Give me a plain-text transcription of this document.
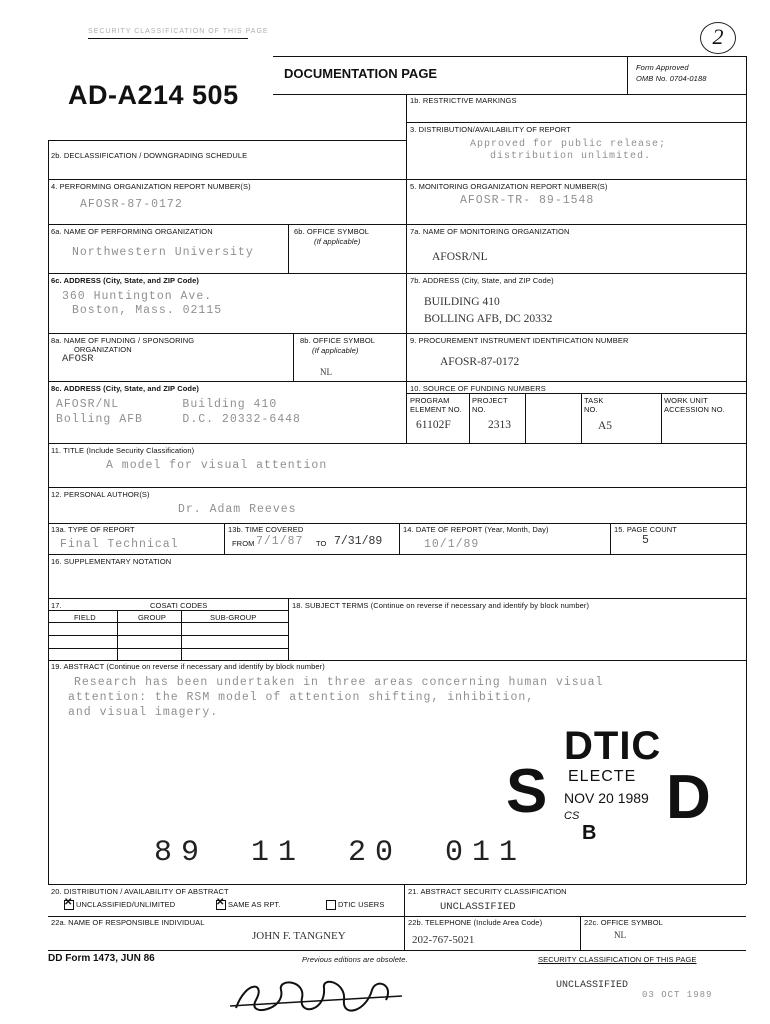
SECURITY CLASSIFICATION OF THIS PAGE	2
AD-A214 505
DOCUMENTATION PAGE	Form Approved
OMB No. 0704-0188
1b. RESTRICTIVE MARKINGS
3. DISTRIBUTION/AVAILABILITY OF REPORT
Approved for public release;
distribution unlimited.
2b. DECLASSIFICATION / DOWNGRADING SCHEDULE
4. PERFORMING ORGANIZATION REPORT NUMBER(S)
AFOSR-87-0172
5. MONITORING ORGANIZATION REPORT NUMBER(S)
AFOSR-TR- 89-1548
6a. NAME OF PERFORMING ORGANIZATION
Northwestern University
6b. OFFICE SYMBOL
(If applicable)
7a. NAME OF MONITORING ORGANIZATION
AFOSR/NL
6c. ADDRESS (City, State, and ZIP Code)
360 Huntington Ave.
Boston, Mass. 02115
7b. ADDRESS (City, State, and ZIP Code)
BUILDING 410
BOLLING AFB, DC 20332
8a. NAME OF FUNDING / SPONSORING
ORGANIZATION
AFOSR
8b. OFFICE SYMBOL
(If applicable)
NL
9. PROCUREMENT INSTRUMENT IDENTIFICATION NUMBER
AFOSR-87-0172
8c. ADDRESS (City, State, and ZIP Code)
AFOSR/NL        Building 410
Bolling AFB     D.C. 20332-6448
10. SOURCE OF FUNDING NUMBERS
PROGRAM
ELEMENT NO.
61102F
PROJECT
NO.
2313
TASK
NO.
A5
WORK UNIT
ACCESSION NO.
11. TITLE (Include Security Classification)
A model for visual attention
12. PERSONAL AUTHOR(S)
Dr. Adam Reeves
13a. TYPE OF REPORT
Final Technical
13b. TIME COVERED
FROM 7/1/87 TO 7/31/89
14. DATE OF REPORT (Year, Month, Day)
10/1/89
15. PAGE COUNT
5
16. SUPPLEMENTARY NOTATION
17.	COSATI CODES
FIELD	GROUP	SUB-GROUP
18. SUBJECT TERMS (Continue on reverse if necessary and identify by block number)
19. ABSTRACT (Continue on reverse if necessary and identify by block number)
Research has been undertaken in three areas concerning human visual
attention: the RSM model of attention shifting, inhibition,
and visual imagery.
DTIC
ELECTE
NOV 20 1989
S D
CS
B
89 11 20 011
20. DISTRIBUTION / AVAILABILITY OF ABSTRACT
✕UNCLASSIFIED/UNLIMITED
✕	SAME AS RPT.	DTIC USERS
21. ABSTRACT SECURITY CLASSIFICATION
UNCLASSIFIED
22a. NAME OF RESPONSIBLE INDIVIDUAL
JOHN F. TANGNEY
22b. TELEPHONE (Include Area Code)
202-767-5021
22c. OFFICE SYMBOL
NL
DD Form 1473, JUN 86	Previous editions are obsolete.	SECURITY CLASSIFICATION OF THIS PAGE
UNCLASSIFIED
03 OCT 1989
